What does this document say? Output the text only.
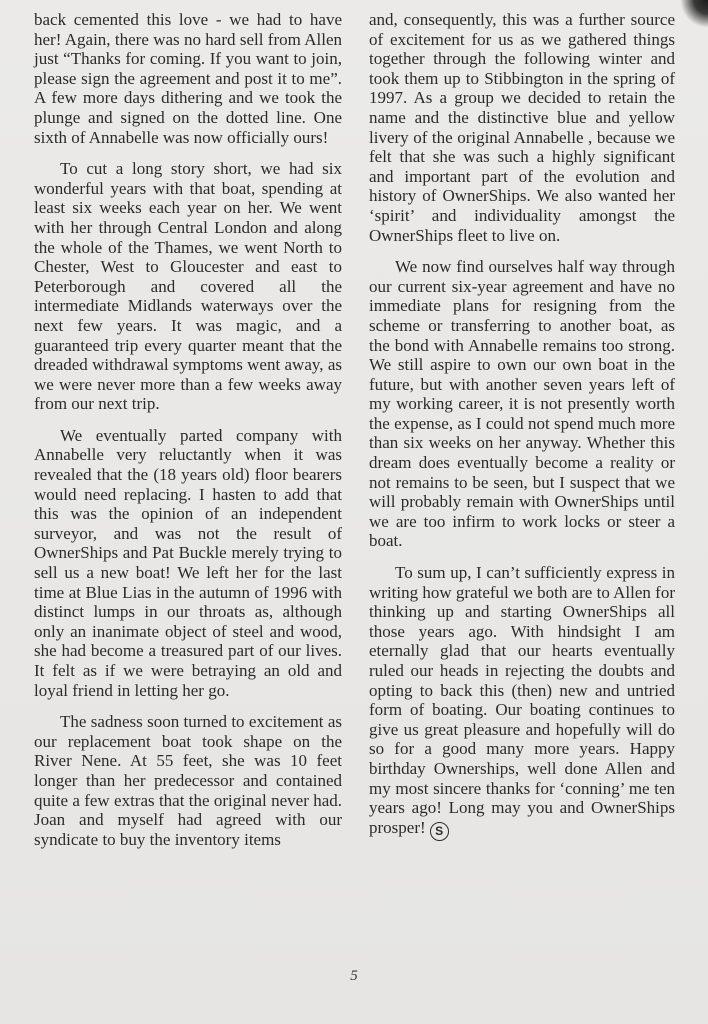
back cemented this love - we had to have her! Again, there was no hard sell from Allen just “Thanks for coming. If you want to join, please sign the agreement and post it to me”. A few more days dithering and we took the plunge and signed on the dotted line. One sixth of Annabelle was now officially ours!

To cut a long story short, we had six wonderful years with that boat, spending at least six weeks each year on her. We went with her through Central London and along the whole of the Thames, we went North to Chester, West to Gloucester and east to Peterborough and covered all the intermediate Midlands waterways over the next few years. It was magic, and a guaranteed trip every quarter meant that the dreaded withdrawal symptoms went away, as we were never more than a few weeks away from our next trip.

We eventually parted company with Annabelle very reluctantly when it was revealed that the (18 years old) floor bearers would need replacing. I hasten to add that this was the opinion of an independent surveyor, and was not the result of OwnerShips and Pat Buckle merely trying to sell us a new boat! We left her for the last time at Blue Lias in the autumn of 1996 with distinct lumps in our throats as, although only an inanimate object of steel and wood, she had become a treasured part of our lives. It felt as if we were betraying an old and loyal friend in letting her go.

The sadness soon turned to excitement as our replacement boat took shape on the River Nene. At 55 feet, she was 10 feet longer than her predecessor and contained quite a few extras that the original never had. Joan and myself had agreed with our syndicate to buy the inventory items

and, consequently, this was a further source of excitement for us as we gathered things together through the following winter and took them up to Stibbington in the spring of 1997. As a group we decided to retain the name and the distinctive blue and yellow livery of the original Annabelle , because we felt that she was such a highly significant and important part of the evolution and history of OwnerShips. We also wanted her ‘spirit’ and individuality amongst the OwnerShips fleet to live on.

We now find ourselves half way through our current six-year agreement and have no immediate plans for resigning from the scheme or transferring to another boat, as the bond with Annabelle remains too strong. We still aspire to own our own boat in the future, but with another seven years left of my working career, it is not presently worth the expense, as I could not spend much more than six weeks on her anyway. Whether this dream does eventually become a reality or not remains to be seen, but I suspect that we will probably remain with OwnerShips until we are too infirm to work locks or steer a boat.

To sum up, I can’t sufficiently express in writing how grateful we both are to Allen for thinking up and starting OwnerShips all those years ago. With hindsight I am eternally glad that our hearts eventually ruled our heads in rejecting the doubts and opting to back this (then) new and untried form of boating. Our boating continues to give us great pleasure and hopefully will do so for a good many more years. Happy birthday Ownerships, well done Allen and my most sincere thanks for ‘conning’ me ten years ago! Long may you and OwnerShips prosper! S

5
